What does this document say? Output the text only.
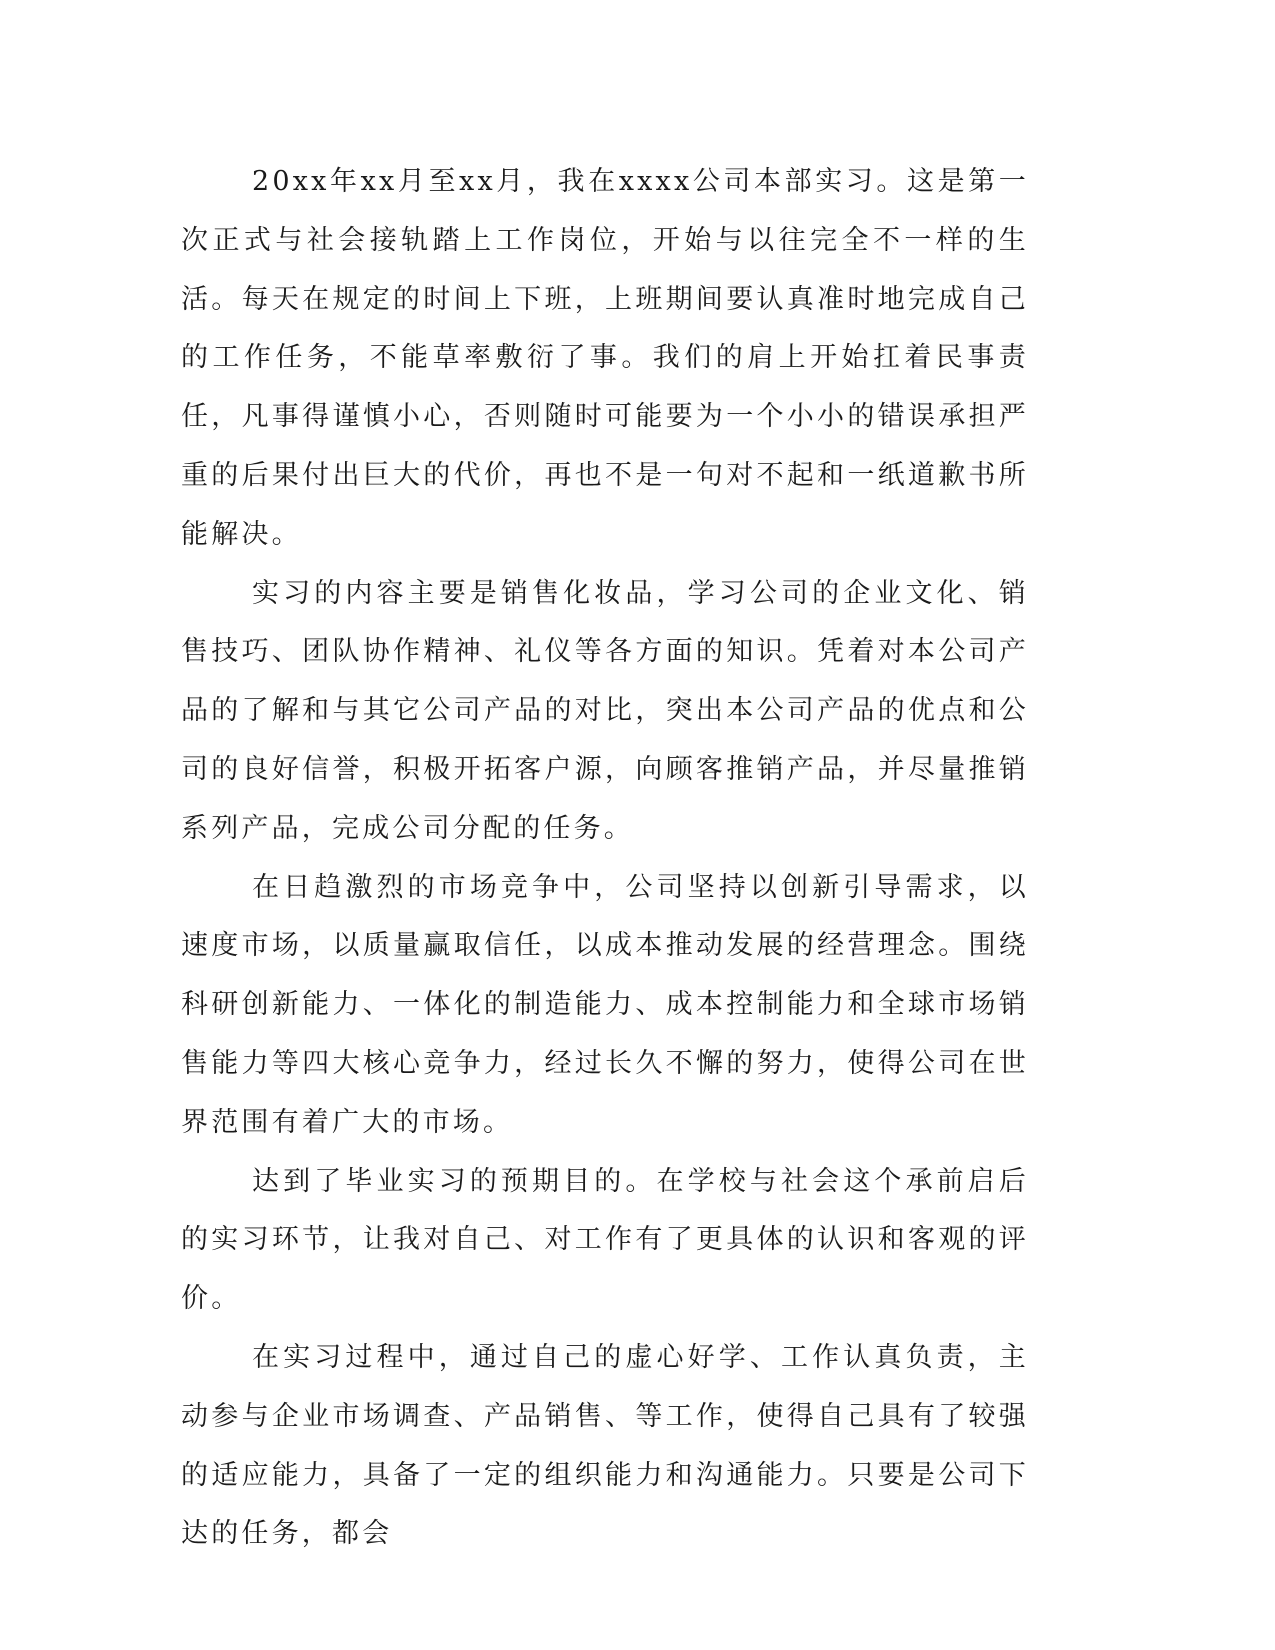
20xx年xx月至xx月，我在xxxx公司本部实习。这是第一次正式与社会接轨踏上工作岗位，开始与以往完全不一样的生活。每天在规定的时间上下班，上班期间要认真准时地完成自己的工作任务，不能草率敷衍了事。我们的肩上开始扛着民事责任，凡事得谨慎小心，否则随时可能要为一个小小的错误承担严重的后果付出巨大的代价，再也不是一句对不起和一纸道歉书所能解决。

实习的内容主要是销售化妆品，学习公司的企业文化、销售技巧、团队协作精神、礼仪等各方面的知识。凭着对本公司产品的了解和与其它公司产品的对比，突出本公司产品的优点和公司的良好信誉，积极开拓客户源，向顾客推销产品，并尽量推销系列产品，完成公司分配的任务。

在日趋激烈的市场竞争中，公司坚持以创新引导需求，以速度市场，以质量赢取信任，以成本推动发展的经营理念。围绕科研创新能力、一体化的制造能力、成本控制能力和全球市场销售能力等四大核心竞争力，经过长久不懈的努力，使得公司在世界范围有着广大的市场。

达到了毕业实习的预期目的。在学校与社会这个承前启后的实习环节，让我对自己、对工作有了更具体的认识和客观的评价。

在实习过程中，通过自己的虚心好学、工作认真负责，主动参与企业市场调查、产品销售、等工作，使得自己具有了较强的适应能力，具备了一定的组织能力和沟通能力。只要是公司下达的任务，都会
